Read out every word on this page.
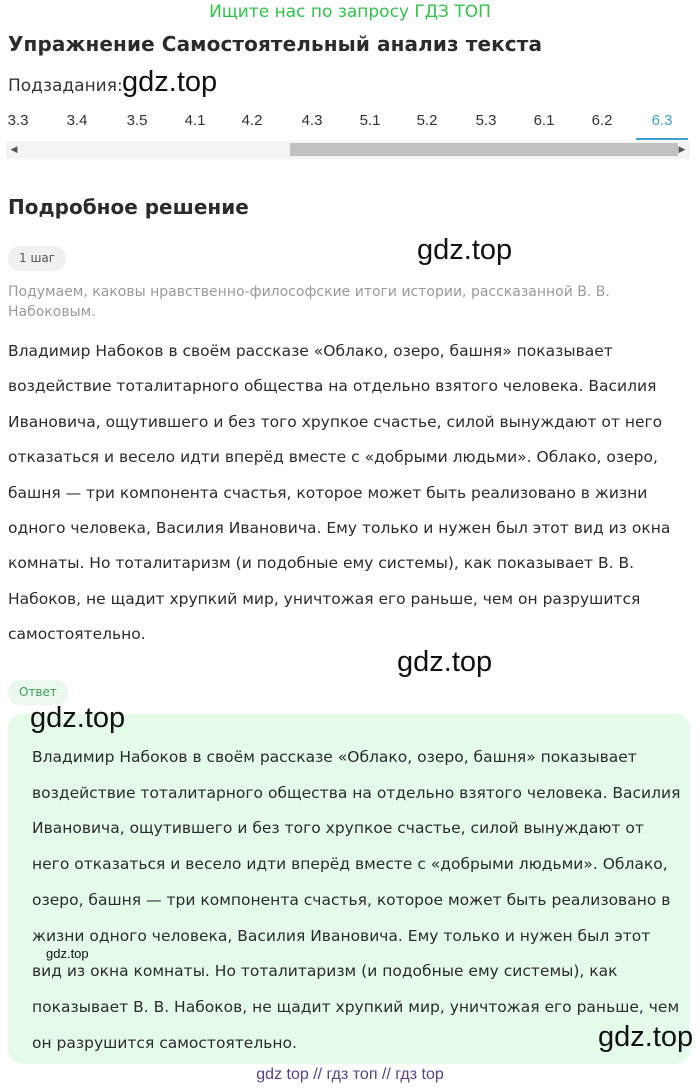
Ищите нас по запросу ГДЗ ТОП
Упражнение Самостоятельный анализ текста
Подзадания: gdz.top
3.3	3.4	3.5	4.1	4.2	4.3	5.1	5.2	5.3	6.1	6.2	6.3
◀	▶
Подробное решение
1 шаг	gdz.top
Подумаем, каковы нравственно-философские итоги истории, рассказанной В. В. Набоковым.
Владимир Набоков в своём рассказе «Облако, озеро, башня» показывает воздействие тоталитарного общества на отдельно взятого человека. Василия Ивановича, ощутившего и без того хрупкое счастье, силой вынуждают от него отказаться и весело идти вперёд вместе с «добрыми людьми». Облако, озеро, башня — три компонента счастья, которое может быть реализовано в жизни одного человека, Василия Ивановича. Ему только и нужен был этот вид из окна комнаты. Но тоталитаризм (и подобные ему системы), как показывает В. В. Набоков, не щадит хрупкий мир, уничтожая его раньше, чем он разрушится самостоятельно.
gdz.top
Ответ
gdz.top
Владимир Набоков в своём рассказе «Облако, озеро, башня» показывает воздействие тоталитарного общества на отдельно взятого человека. Василия Ивановича, ощутившего и без того хрупкое счастье, силой вынуждают от него отказаться и весело идти вперёд вместе с «добрыми людьми». Облако, озеро, башня — три компонента счастья, которое может быть реализовано в жизни одного человека, Василия Ивановича. Ему только и нужен был этот вид из окна комнаты. Но тоталитаризм (и подобные ему системы), как показывает В. В. Набоков, не щадит хрупкий мир, уничтожая его раньше, чем он разрушится самостоятельно.
gdz.top
gdz.top
gdz top // гдз топ // гдз top
